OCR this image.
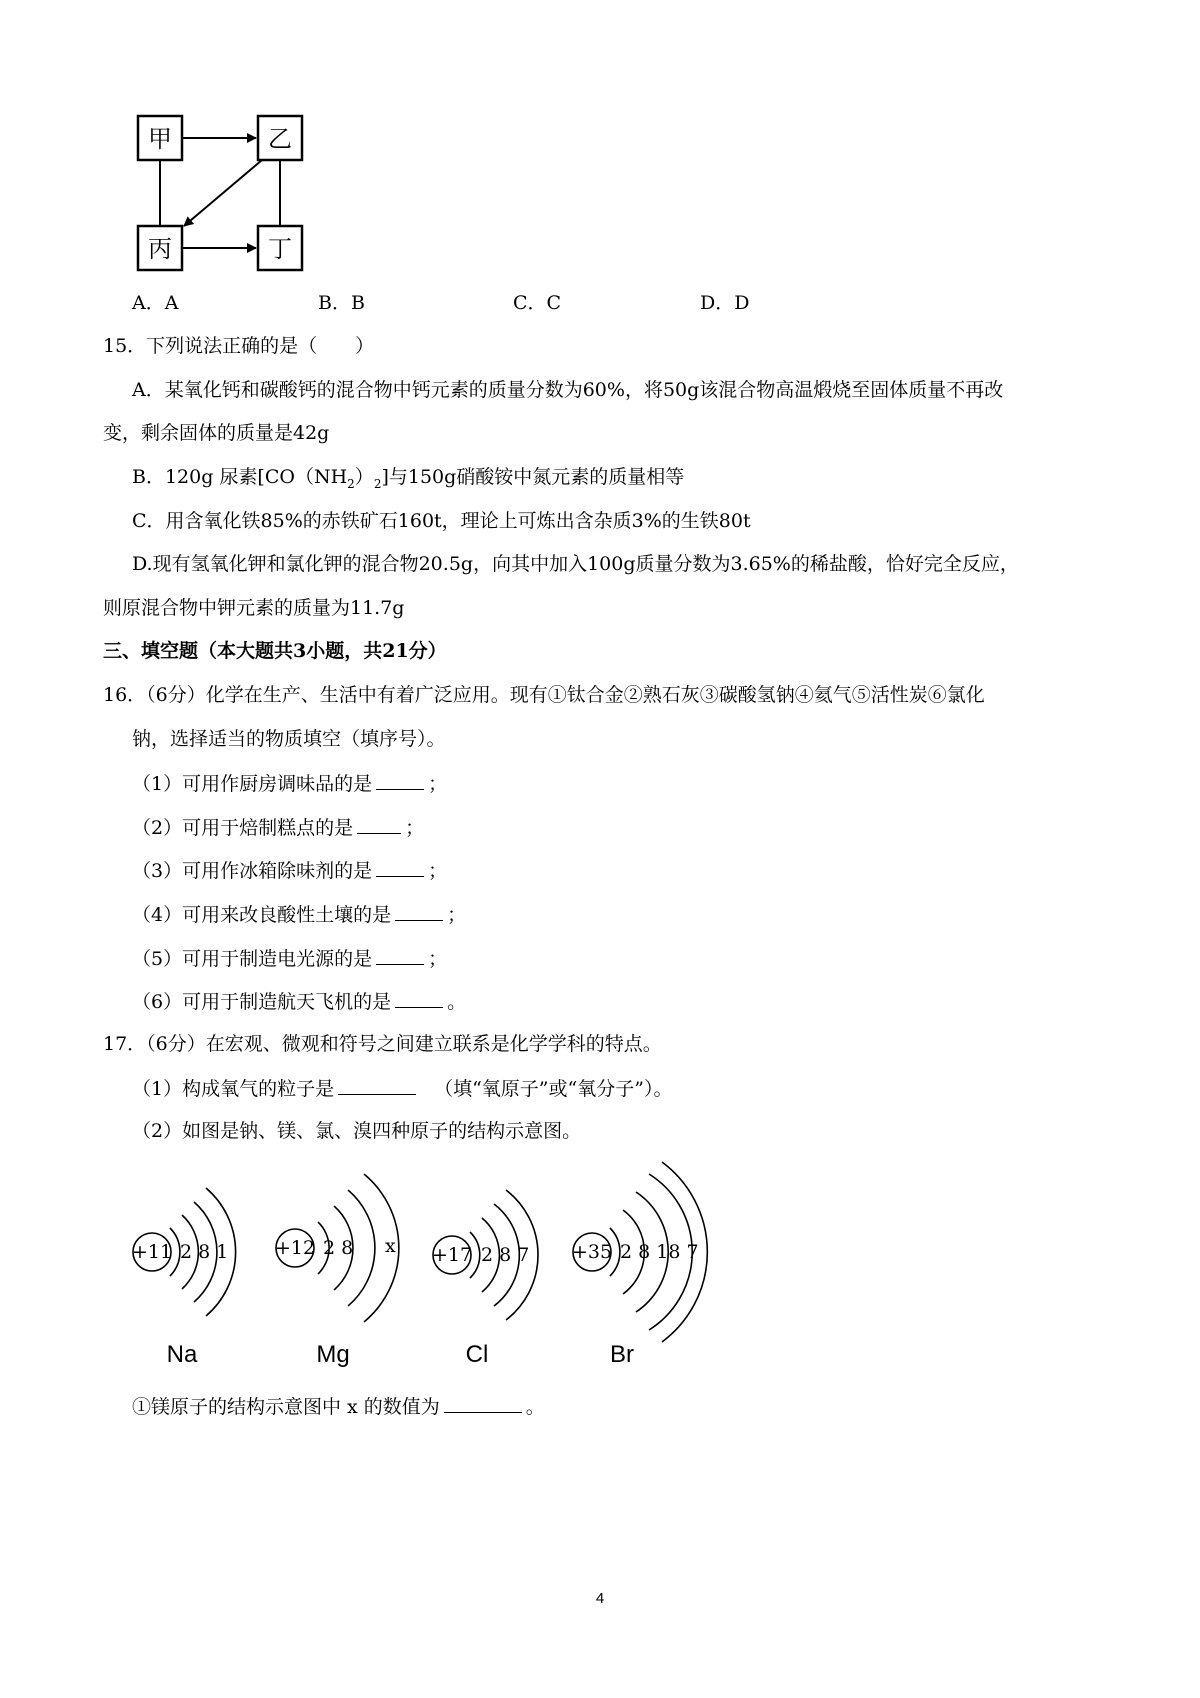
甲	乙
丙	丁
A．A	B．B	C．C	D．D
15．下列说法正确的是（　　）
A．某氧化钙和碳酸钙的混合物中钙元素的质量分数为60%，将50g该混合物高温煅烧至固体质量不再改
变，剩余固体的质量是42g
B．120g 尿素$[CO(NH_2)_2]$与150g硝酸铵中氮元素的质量相等
C．用含氧化铁85%的赤铁矿石160t，理论上可炼出含杂质3%的生铁80t
D.现有氢氧化钾和氯化钾的混合物20.5g，向其中加入100g质量分数为3.65%的稀盐酸，恰好完全反应，
则原混合物中钾元素的质量为11.7g
三、填空题（本大题共3小题，共21分）
16．（6分）化学在生产、生活中有着广泛应用。现有①钛合金②熟石灰③碳酸氢钠④氦气⑤活性炭⑥氯化
钠，选择适当的物质填空（填序号）。
（1）可用作厨房调味品的是	；
（2）可用于焙制糕点的是	；
（3）可用作冰箱除味剂的是	；
（4）可用来改良酸性土壤的是	；
（5）可用于制造电光源的是	；
（6）可用于制造航天飞机的是	。
17．（6分）在宏观、微观和符号之间建立联系是化学学科的特点。
（1）构成氧气的粒子是	（填“氧原子”或“氧分子”）。
（2）如图是钠、镁、氯、溴四种原子的结构示意图。
+11	+12	+17	+35
2 8 1	2 8	2 8 7	2 8 18 7
x
Na	Mg	Cl	Br
①镁原子的结构示意图中 x 的数值为	。
4
